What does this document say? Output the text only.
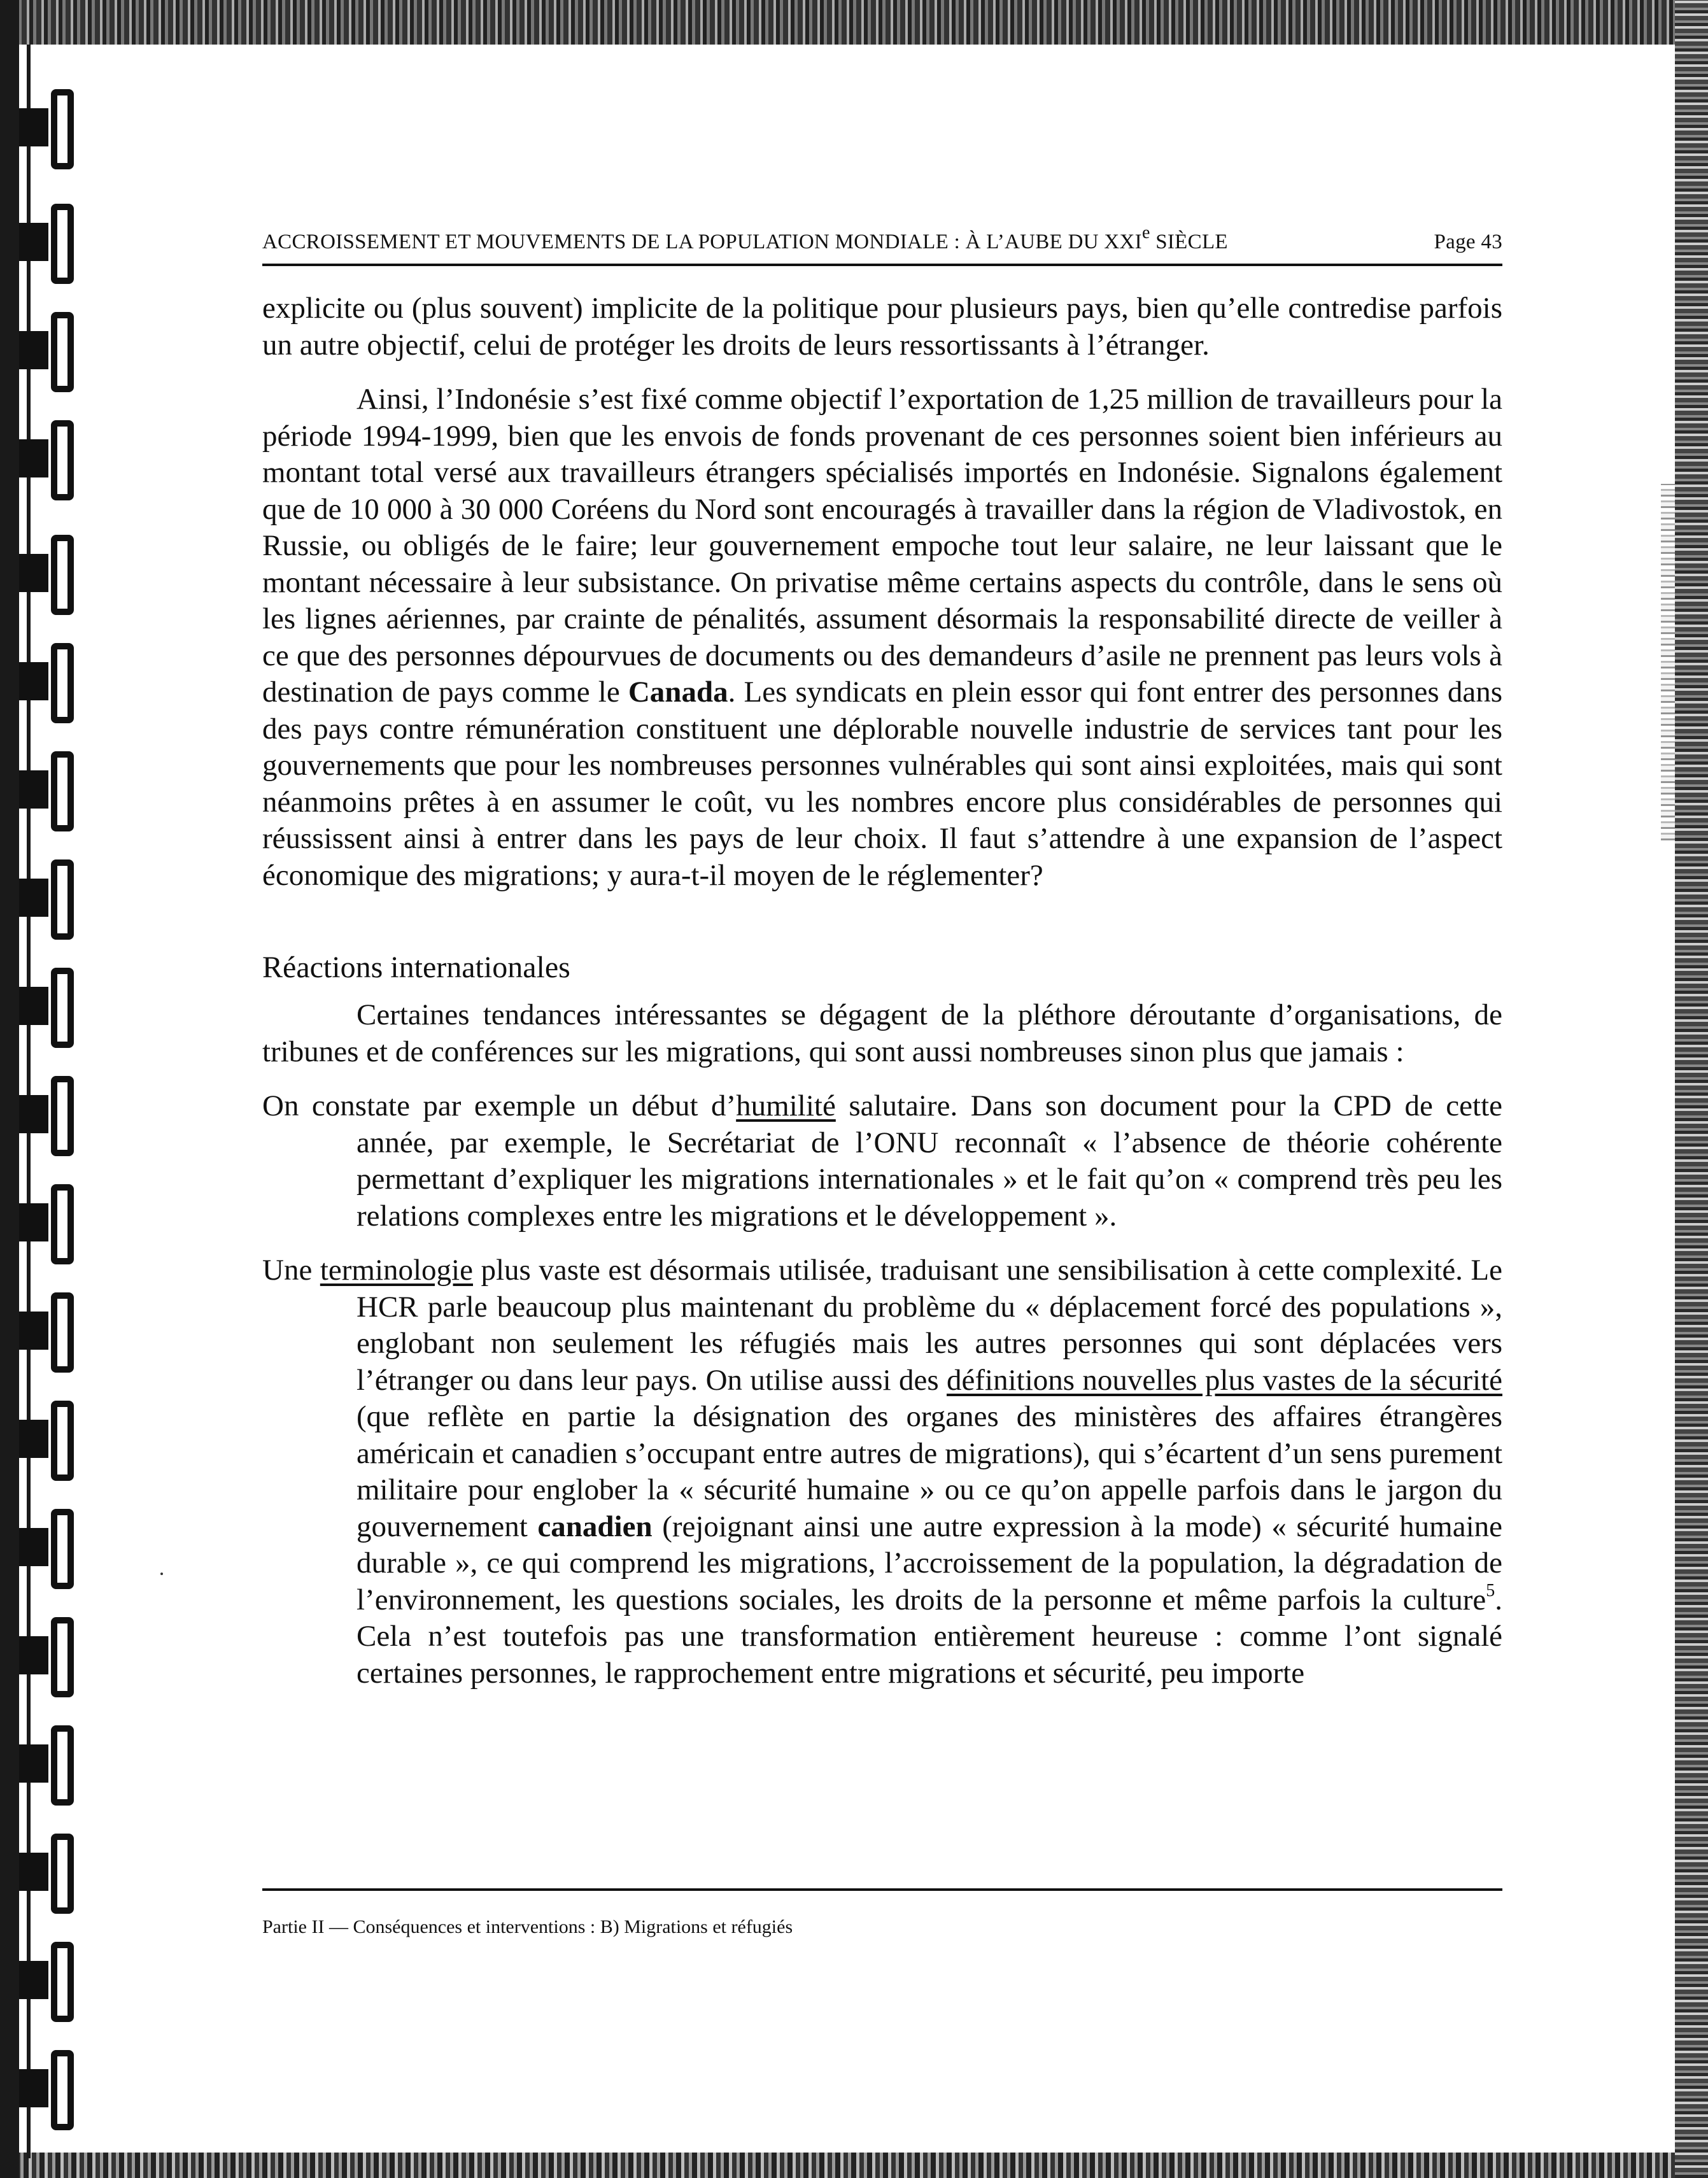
ACCROISSEMENT ET MOUVEMENTS DE LA POPULATION MONDIALE : À L’AUBE DU XXIe SIÈCLE	Page 43

explicite ou (plus souvent) implicite de la politique pour plusieurs pays, bien qu’elle contredise parfois un autre objectif, celui de protéger les droits de leurs ressortissants à l’étranger.

Ainsi, l’Indonésie s’est fixé comme objectif l’exportation de 1,25 million de travailleurs pour la période 1994-1999, bien que les envois de fonds provenant de ces personnes soient bien inférieurs au montant total versé aux travailleurs étrangers spécialisés importés en Indonésie. Signalons également que de 10 000 à 30 000 Coréens du Nord sont encouragés à travailler dans la région de Vladivostok, en Russie, ou obligés de le faire; leur gouvernement empoche tout leur salaire, ne leur laissant que le montant nécessaire à leur subsistance. On privatise même certains aspects du contrôle, dans le sens où les lignes aériennes, par crainte de pénalités, assument désormais la responsabilité directe de veiller à ce que des personnes dépourvues de documents ou des demandeurs d’asile ne prennent pas leurs vols à destination de pays comme le Canada. Les syndicats en plein essor qui font entrer des personnes dans des pays contre rémunération constituent une déplorable nouvelle industrie de services tant pour les gouvernements que pour les nombreuses personnes vulnérables qui sont ainsi exploitées, mais qui sont néanmoins prêtes à en assumer le coût, vu les nombres encore plus considérables de personnes qui réussissent ainsi à entrer dans les pays de leur choix. Il faut s’attendre à une expansion de l’aspect économique des migrations; y aura-t-il moyen de le réglementer?

Réactions internationales

Certaines tendances intéressantes se dégagent de la pléthore déroutante d’organisations, de tribunes et de conférences sur les migrations, qui sont aussi nombreuses sinon plus que jamais :

On constate par exemple un début d’humilité salutaire. Dans son document pour la CPD de cette année, par exemple, le Secrétariat de l’ONU reconnaît « l’absence de théorie cohérente permettant d’expliquer les migrations internationales » et le fait qu’on « comprend très peu les relations complexes entre les migrations et le développement ».

Une terminologie plus vaste est désormais utilisée, traduisant une sensibilisation à cette complexité. Le HCR parle beaucoup plus maintenant du problème du « déplacement forcé des populations », englobant non seulement les réfugiés mais les autres personnes qui sont déplacées vers l’étranger ou dans leur pays. On utilise aussi des définitions nouvelles plus vastes de la sécurité (que reflète en partie la désignation des organes des ministères des affaires étrangères américain et canadien s’occupant entre autres de migrations), qui s’écartent d’un sens purement militaire pour englober la « sécurité humaine » ou ce qu’on appelle parfois dans le jargon du gouvernement canadien (rejoignant ainsi une autre expression à la mode) « sécurité humaine durable », ce qui comprend les migrations, l’accroissement de la population, la dégradation de l’environnement, les questions sociales, les droits de la personne et même parfois la culture$^5$. Cela n’est toutefois pas une transformation entièrement heureuse : comme l’ont signalé certaines personnes, le rapprochement entre migrations et sécurité, peu importe

Partie II — Conséquences et interventions : B) Migrations et réfugiés
